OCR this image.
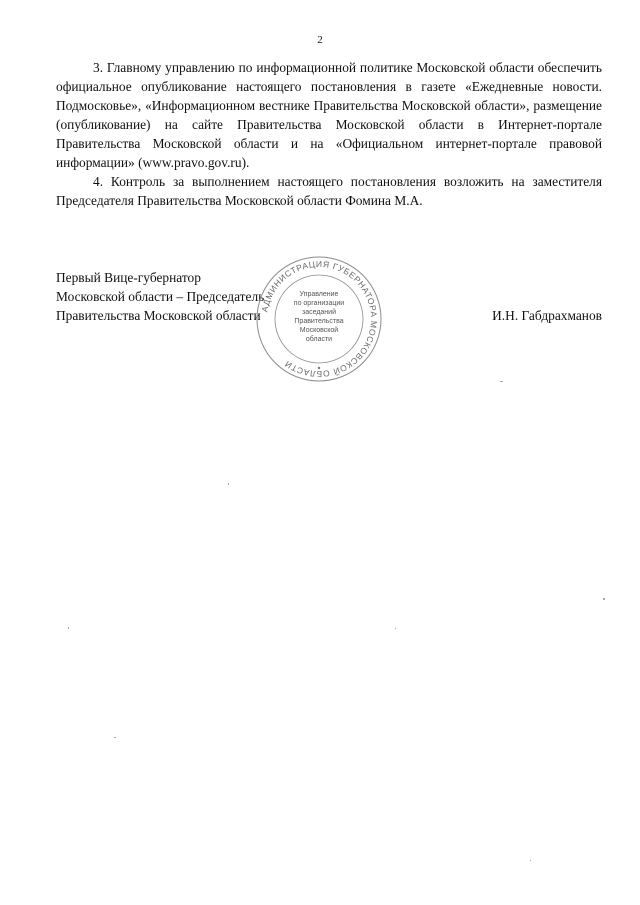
2

3. Главному управлению по информационной политике Московской области обеспечить официальное опубликование настоящего постановления в газете «Ежедневные новости. Подмосковье», «Информационном вестнике Правительства Московской области», размещение (опубликование) на сайте Правительства Московской области в Интернет-портале Правительства Московской области и на «Официальном интернет-портале правовой информации» (www.pravo.gov.ru).

4. Контроль за выполнением настоящего постановления возложить на заместителя Председателя Правительства Московской области Фомина М.А.

Первый Вице-губернатор
Московской области – Председатель
Правительства Московской области	И.Н. Габдрахманов
АДМИНИСТРАЦИЯ ГУБЕРНАТОРА МОСКОВСКОЙ ОБЛАСТИ
Управление
по организации
заседаний
Правительства
Московской
области
